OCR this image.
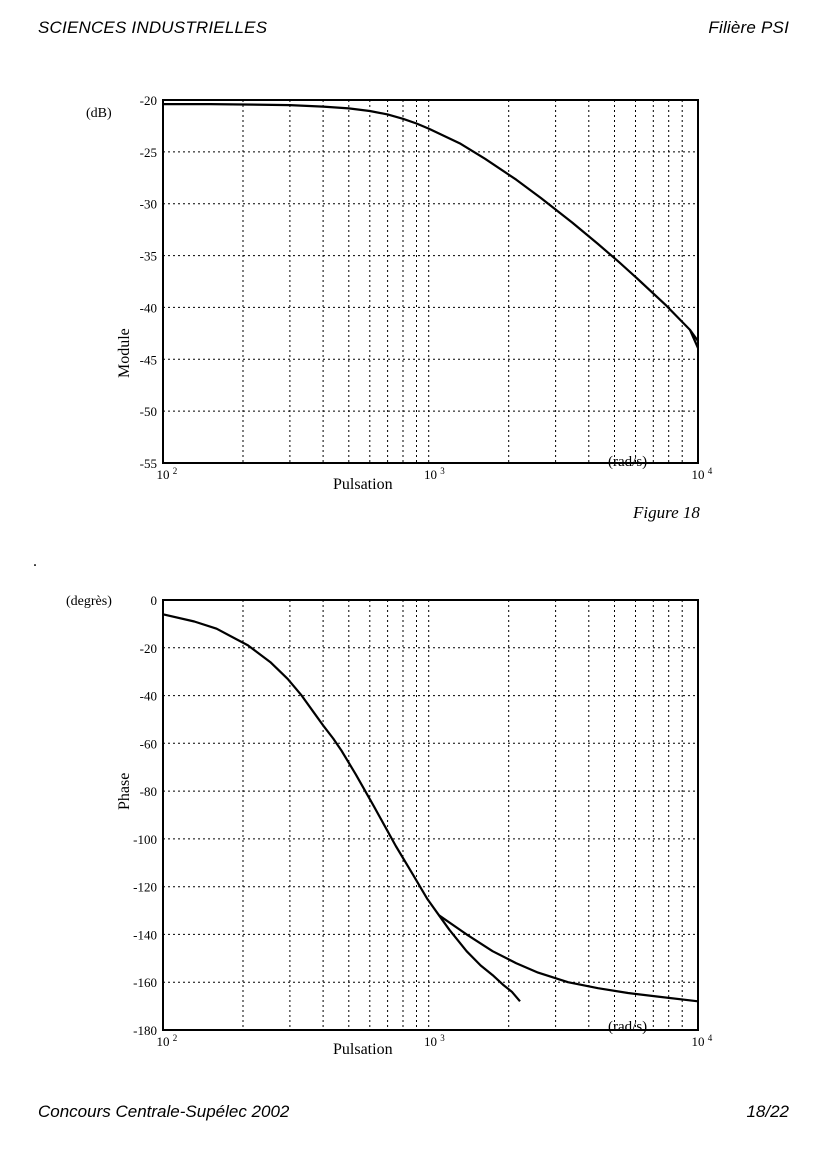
SCIENCES INDUSTRIELLES	Filière PSI
(dB)
Module
Pulsation
(rad/s)
-20
-25
-30
-35
-40
-45
-50
-55
10 2	10 3	10 4
Figure 18
.
(degrès)
Phase
Pulsation
(rad/s)
0
-20
-40
-60
-80
-100
-120
-140
-160
-180
10 2	10 3	10 4
Concours Centrale-Supélec 2002	18/22
